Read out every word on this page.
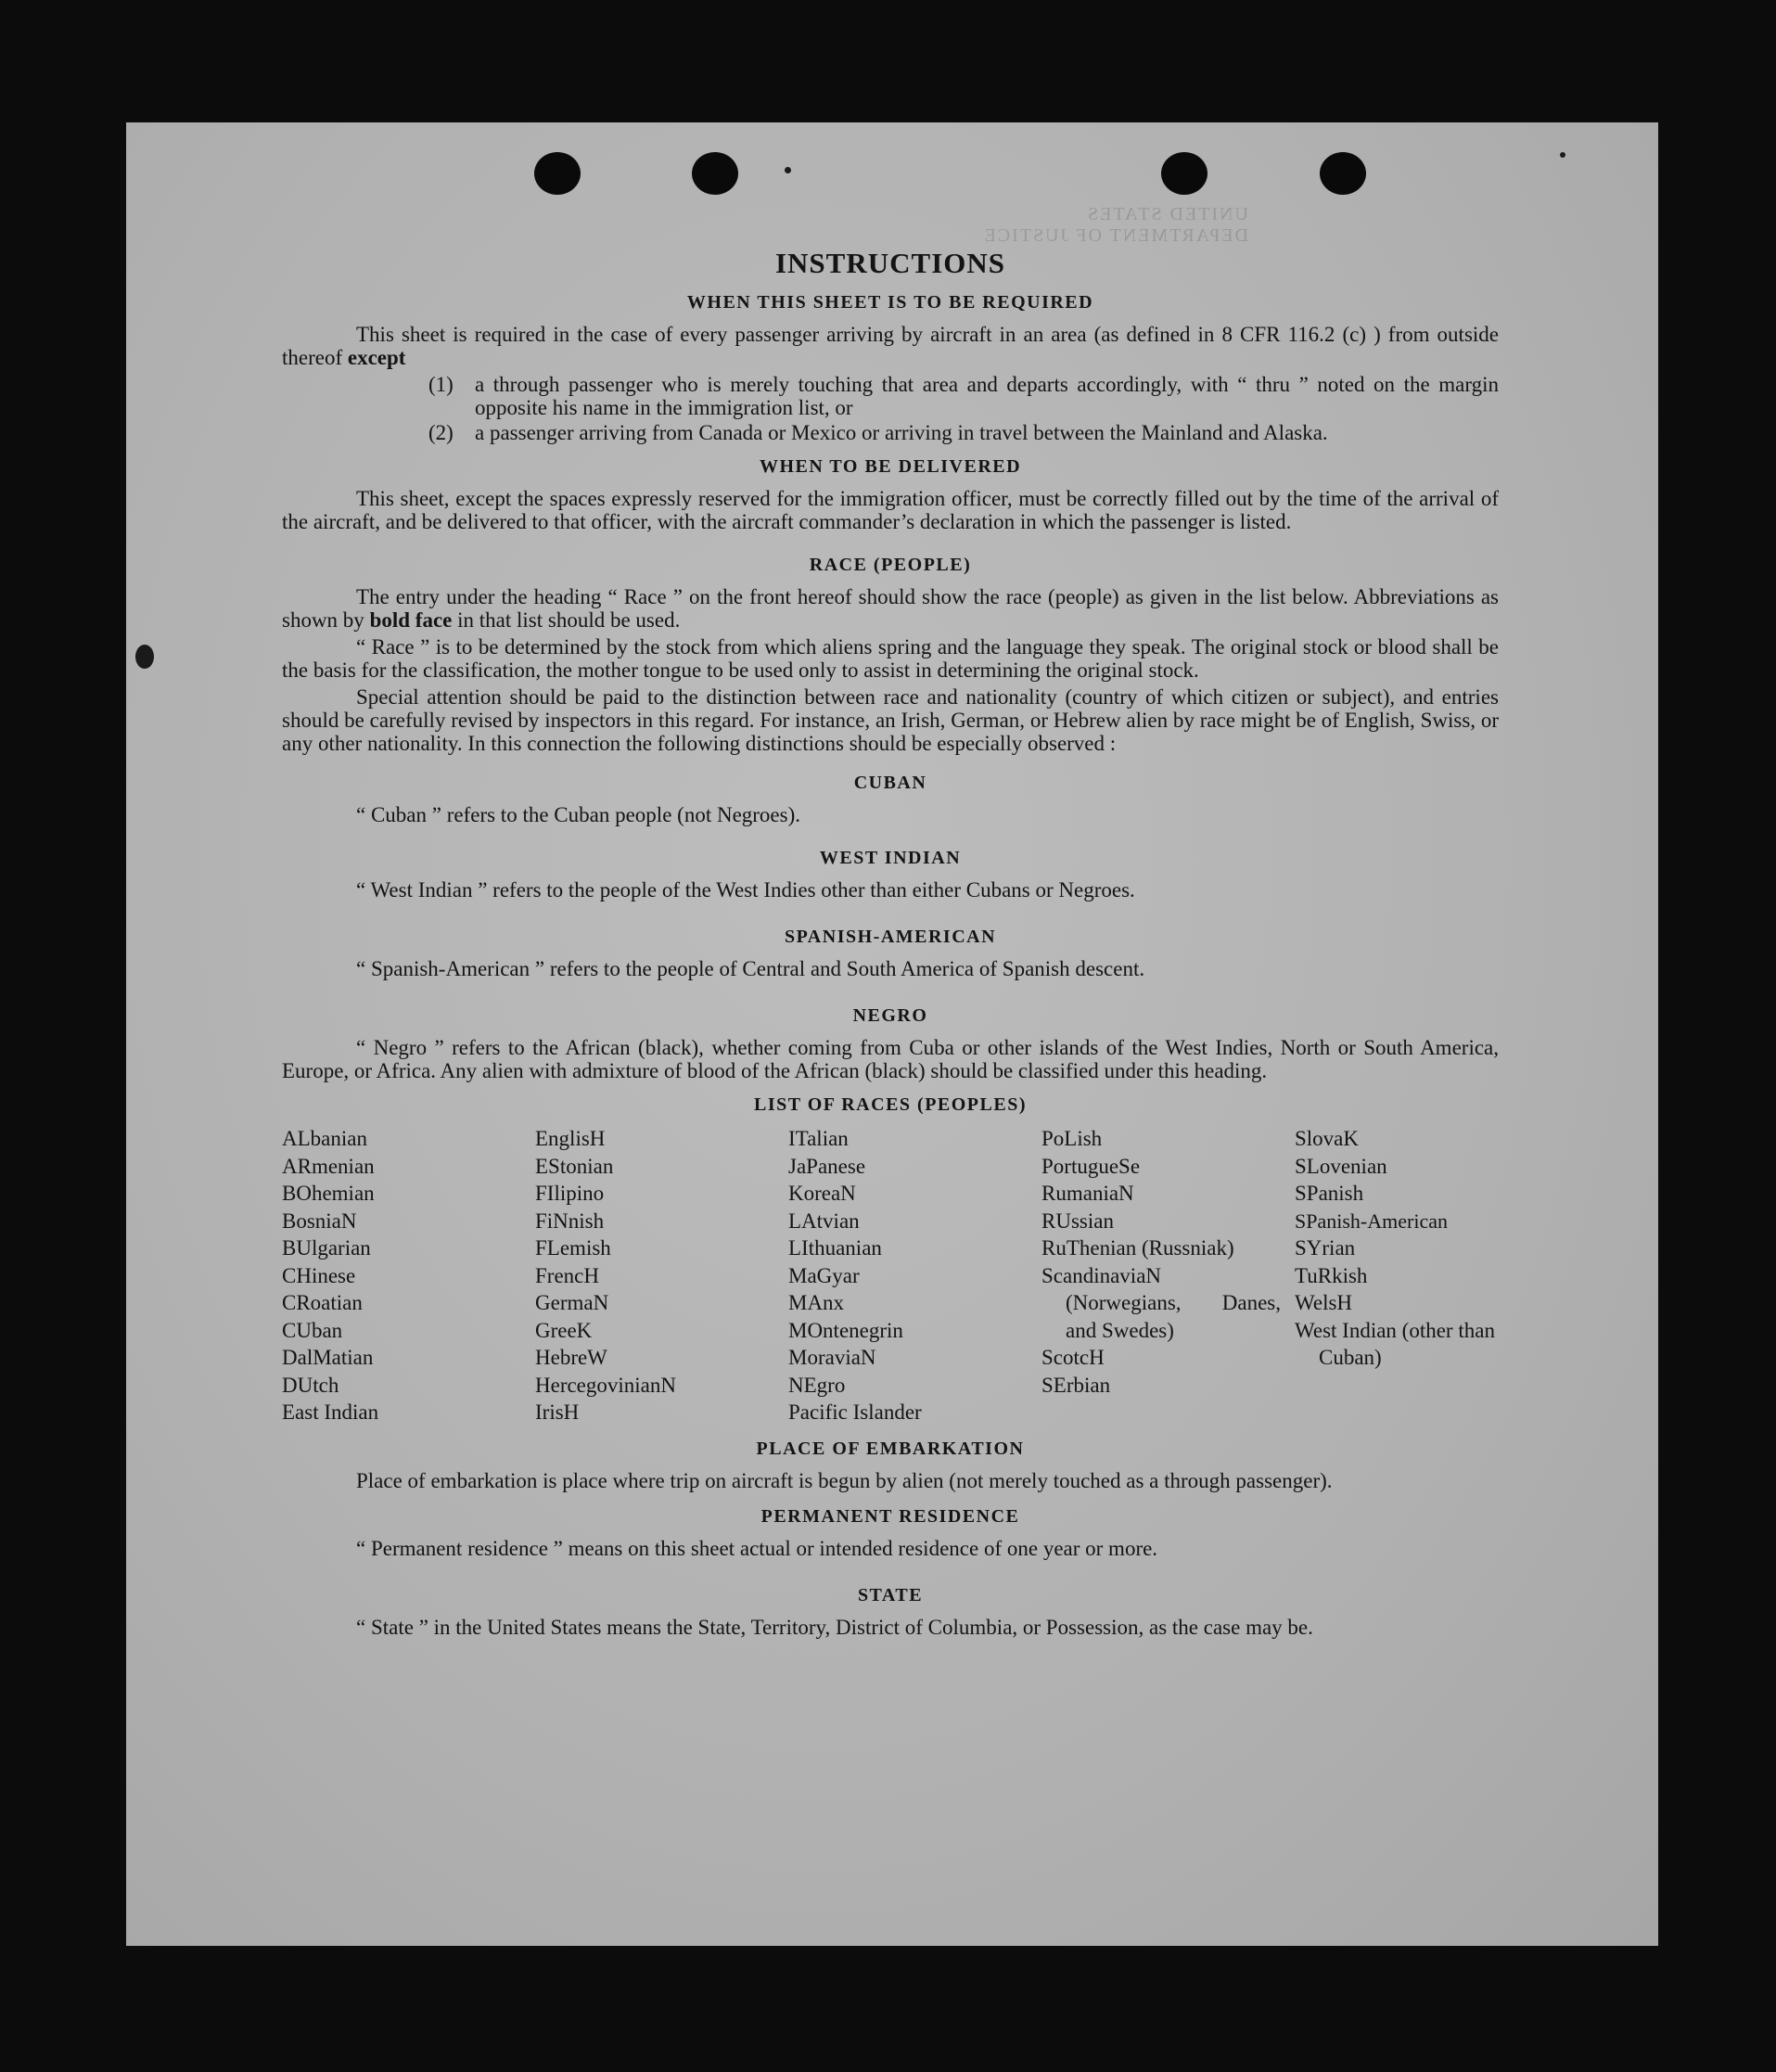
UNITED STATES DEPARTMENT OF JUSTICE
INSTRUCTIONS
WHEN THIS SHEET IS TO BE REQUIRED

This sheet is required in the case of every passenger arriving by aircraft in an area (as defined in 8 CFR 116.2 (c) ) from outside thereof except

(1)	a through passenger who is merely touching that area and departs accordingly, with “ thru ” noted on the margin opposite his name in the immigration list, or
(2)	a passenger arriving from Canada or Mexico or arriving in travel between the Mainland and Alaska.
WHEN TO BE DELIVERED

This sheet, except the spaces expressly reserved for the immigration officer, must be correctly filled out by the time of the arrival of the aircraft, and be delivered to that officer, with the aircraft commander’s declaration in which the passenger is listed.

RACE (PEOPLE)

The entry under the heading “ Race ” on the front hereof should show the race (people) as given in the list below. Abbreviations as shown by bold face in that list should be used.

“ Race ” is to be determined by the stock from which aliens spring and the language they speak. The original stock or blood shall be the basis for the classification, the mother tongue to be used only to assist in determining the original stock.

Special attention should be paid to the distinction between race and nationality (country of which citizen or subject), and entries should be carefully revised by inspectors in this regard. For instance, an Irish, German, or Hebrew alien by race might be of English, Swiss, or any other nationality. In this connection the following distinctions should be especially observed :

CUBAN

“ Cuban ” refers to the Cuban people (not Negroes).

WEST INDIAN

“ West Indian ” refers to the people of the West Indies other than either Cubans or Negroes.

SPANISH-AMERICAN

“ Spanish-American ” refers to the people of Central and South America of Spanish descent.

NEGRO

“ Negro ” refers to the African (black), whether coming from Cuba or other islands of the West Indies, North or South America, Europe, or Africa. Any alien with admixture of blood of the African (black) should be classified under this heading.

LIST OF RACES (PEOPLES)
ALbanian
ARmenian
BOhemian
BosniaN
BUlgarian
CHinese
CRoatian
CUban
DalMatian
DUtch
East Indian
EnglisH
EStonian
FIlipino
FiNnish
FLemish
FrencH
GermaN
GreeK
HebreW
HercegovinianN
IrisH
ITalian
JaPanese
KoreaN
LAtvian
LIthuanian
MaGyar
MAnx
MOntenegrin
MoraviaN
NEgro
Pacific Islander
PoLish
PortugueSe
RumaniaN
RUssian
RuThenian (Russniak)
ScandinaviaN (Norwegians, Danes, and Swedes)
ScotcH
SErbian
SlovaK
SLovenian
SPanish
SPanish-American
SYrian
TuRkish
WelsH
West Indian (other than Cuban)
PLACE OF EMBARKATION

Place of embarkation is place where trip on aircraft is begun by alien (not merely touched as a through passenger).

PERMANENT RESIDENCE

“ Permanent residence ” means on this sheet actual or intended residence of one year or more.

STATE

“ State ” in the United States means the State, Territory, District of Columbia, or Possession, as the case may be.
